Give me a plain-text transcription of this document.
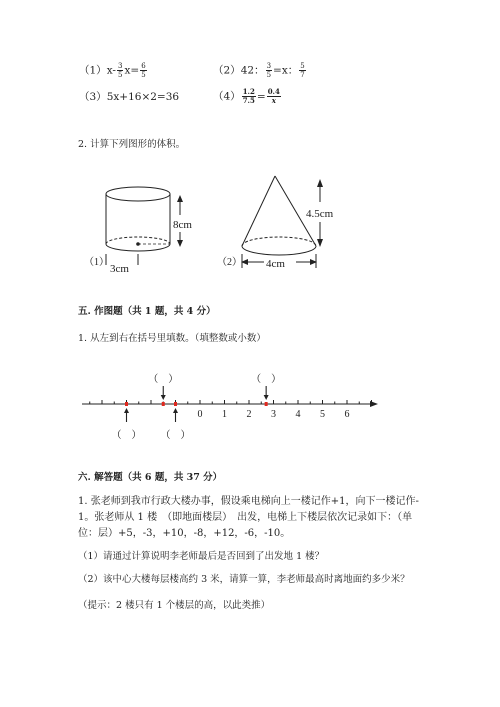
$(1)x- \frac{3}{5} x= \frac{6}{5}$	（2）42： $\frac{3}{5} =x$： $\frac{5}{7}$
（3）5x+16×2=36	$(4) \frac{1.2}{7.5} = \frac{0.4}{x}$
2. 计算下列图形的体积。
（1）
8cm
3cm
（2）
4.5cm
4cm
五. 作图题（共 1 题，共 4 分）
1. 从左到右在括号里填数。（填整数或小数）
0 1 2 3 4 5 6
（　）	（　）
（　） （　）
六. 解答题（共 6 题，共 37 分）
1. 张老师到我市行政大楼办事，假设乘电梯向上一楼记作+1，向下一楼记作-
1。张老师从 1 楼　（即地面楼层）　出发，电梯上下楼层依次记录如下：（单
位：层）+5，-3，+10，-8，+12，-6，-10。
（1）请通过计算说明李老师最后是否回到了出发地 1 楼？
（2）该中心大楼每层楼高约 3 米，请算一算，李老师最高时离地面约多少米？
（提示：2 楼只有 1 个楼层的高，以此类推）
